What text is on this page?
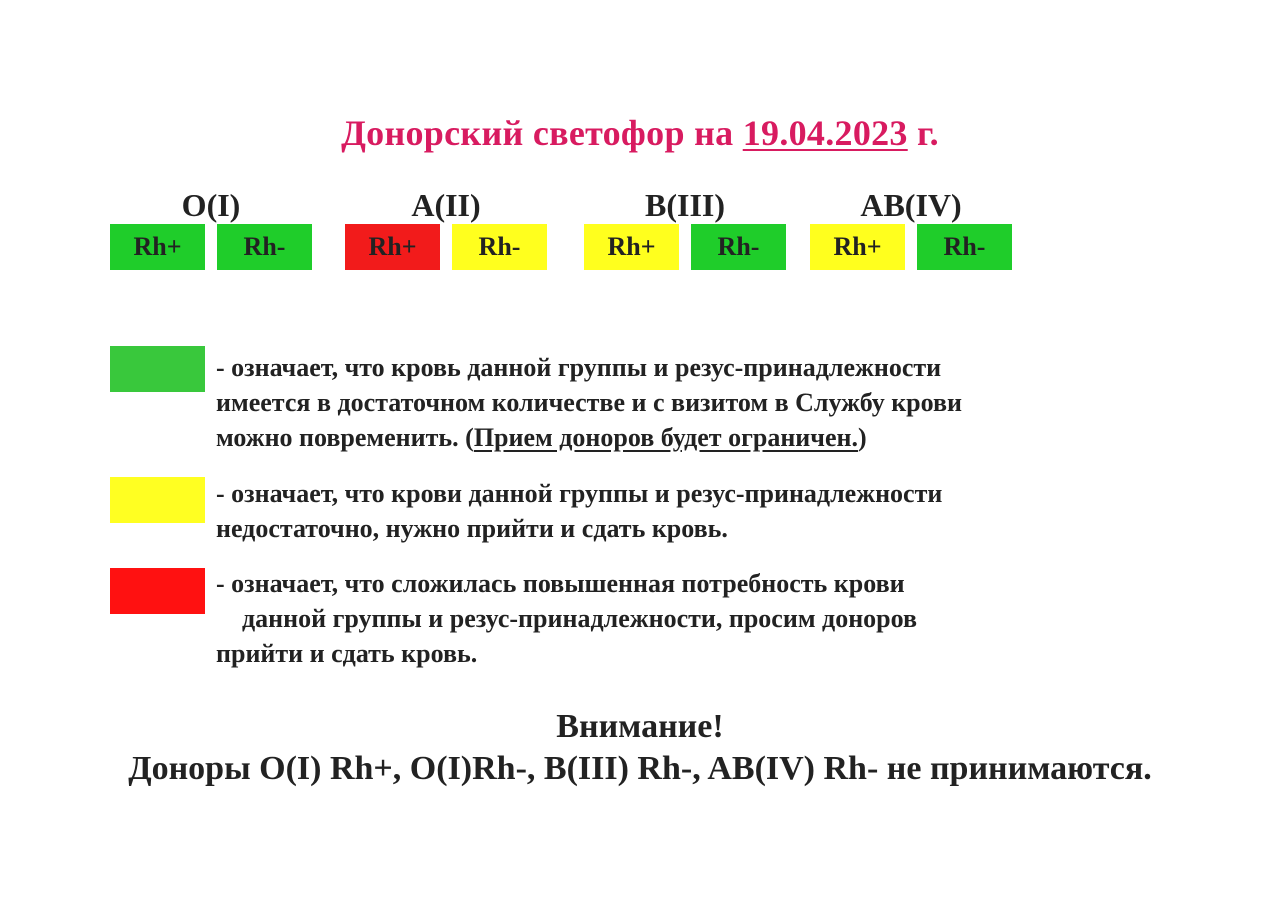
Донорский светофор на 19.04.2023 г.
O(I)
Rh+	Rh-
A(II)
Rh+	Rh-
B(III)
Rh+	Rh-
AB(IV)
Rh+	Rh-
- означает, что кровь данной группы и резус-принадлежности
имеется в достаточном количестве и с визитом в Службу крови
можно повременить. (Прием доноров будет ограничен.)
- означает, что крови данной группы и резус-принадлежности
недостаточно, нужно прийти и сдать кровь.
- означает, что сложилась повышенная потребность крови
данной группы и резус-принадлежности, просим доноров
прийти и сдать кровь.
Внимание!
Доноры O(I) Rh+, O(I)Rh-, B(III) Rh-, AB(IV) Rh- не принимаются.
